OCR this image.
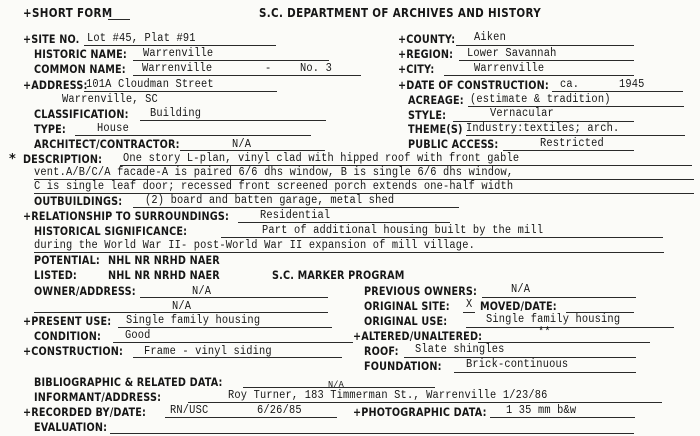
+SHORT FORM	S.C. DEPARTMENT OF ARCHIVES AND HISTORY
+SITE NO. Lot #45, Plat #91	+COUNTY: Aiken
HISTORIC NAME: Warrenville	+REGION: Lower Savannah
COMMON NAME: Warrenville	- No. 3	+CITY:	Warrenville
+ADDRESS:
101A Cloudman Street	+DATE OF CONSTRUCTION: ca.	1945
Warrenville, SC	ACREAGE: (estimate & tradition)
CLASSIFICATION: Building	STYLE:	Vernacular
TYPE:	House	THEME(S) Industry:textiles; arch.
ARCHITECT/CONTRACTOR:	N/A	PUBLIC ACCESS:	Restricted
* DESCRIPTION: One story L-plan, vinyl clad with hipped roof with front gable
vent.A/B/C/A facade-A is paired 6/6 dhs window, B is single 6/6 dhs window,
C is single leaf door; recessed front screened porch extends one-half width
OUTBUILDINGS: (2) board and batten garage, metal shed
+RELATIONSHIP TO SURROUNDINGS:	Residential
HISTORICAL SIGNIFICANCE:	Part of additional housing built by the mill
during the World War II- post-World War II expansion of mill village.
POTENTIAL: NHL NR NRHD NAER
LISTED:	NHL NR NRHD NAER	S.C. MARKER PROGRAM
OWNER/ADDRESS:	N/A
N/A
PREVIOUS OWNERS:	N/A
ORIGINAL SITE: X MOVED/DATE:
+PRESENT USE: Single family housing	ORIGINAL USE:	Single family housing
CONDITION: Good	+ALTERED/UNALTERED:	**
+CONSTRUCTION: Frame - vinyl siding	ROOF: Slate shingles
FOUNDATION: Brick-continuous
BIBLIOGRAPHIC & RELATED DATA:	N/A
INFORMANT/ADDRESS:	Roy Turner, 183 Timmerman St., Warrenville 1/23/86
+RECORDED BY/DATE: RN/USC	6/26/85	+PHOTOGRAPHIC DATA: 1 35 mm b&w
EVALUATION:
